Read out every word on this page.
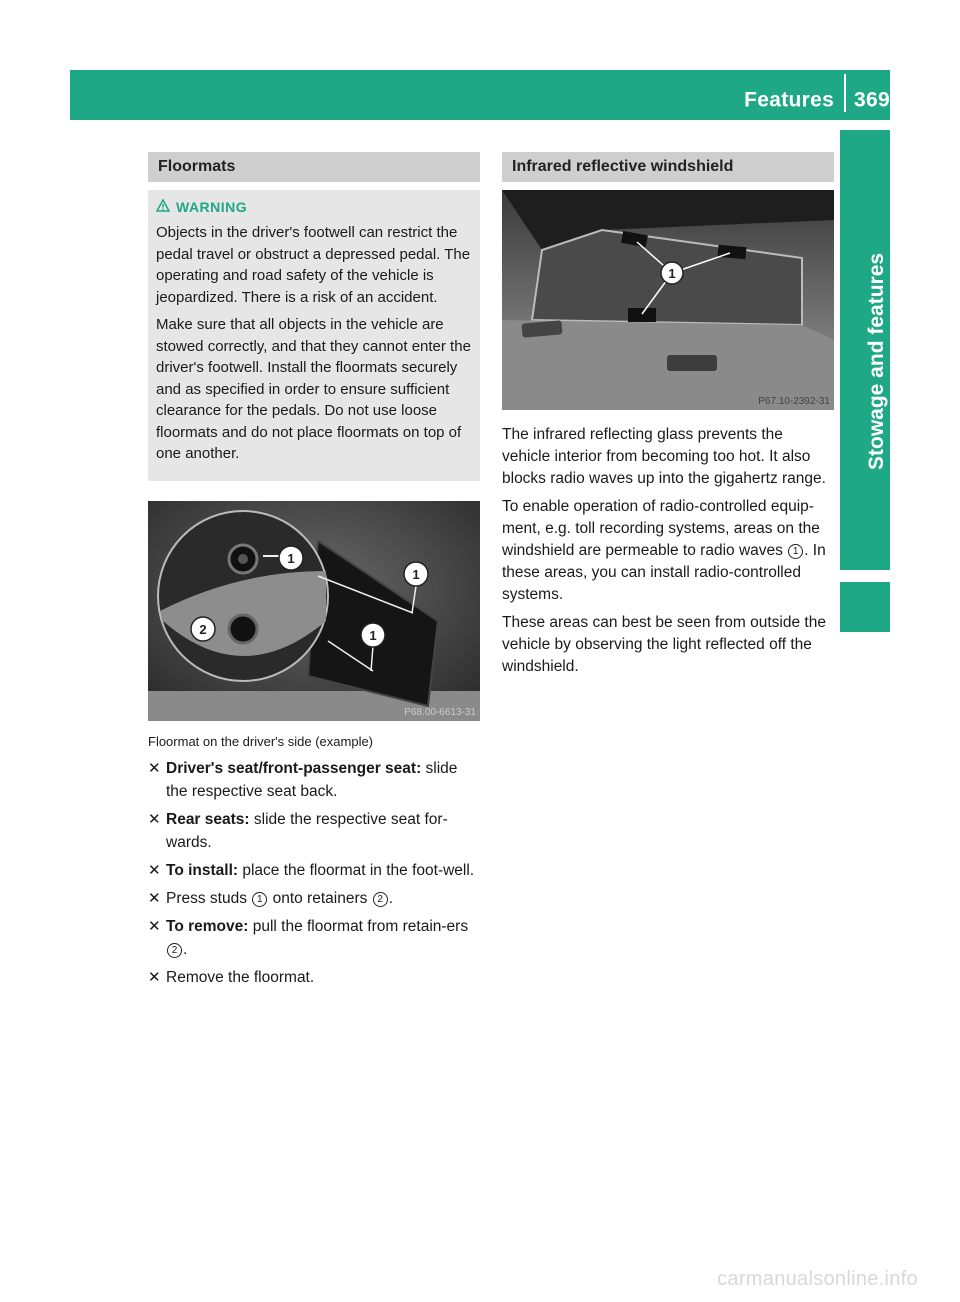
Features 369
Stowage and features
Floormats
WARNING

Objects in the driver's footwell can restrict the pedal travel or obstruct a depressed pedal. The operating and road safety of the vehicle is jeopardized. There is a risk of an accident.

Make sure that all objects in the vehicle are stowed correctly, and that they cannot enter the driver's footwell. Install the floormats securely and as specified in order to ensure sufficient clearance for the pedals. Do not use loose floormats and do not place floormats on top of one another.

1
1
1
2
P68.00-6613-31
Floormat on the driver's side (example)
✕ Driver's seat/front-passenger seat: slide the respective seat back.
✕ Rear seats: slide the respective seat for-wards.
✕ To install: place the floormat in the foot-well.
✕ Press studs 1 onto retainers 2 .
✕ To remove: pull the floormat from retain-ers 2 .
✕ Remove the floormat.
Infrared reflective windshield
1
P67.10-2392-31

The infrared reflecting glass prevents the vehicle interior from becoming too hot. It also blocks radio waves up into the gigahertz range.

To enable operation of radio-controlled equip-ment, e.g. toll recording systems, areas on the windshield are permeable to radio waves 1 . In these areas, you can install radio-controlled systems.

These areas can best be seen from outside the vehicle by observing the light reflected off the windshield.

carmanualsonline.info
